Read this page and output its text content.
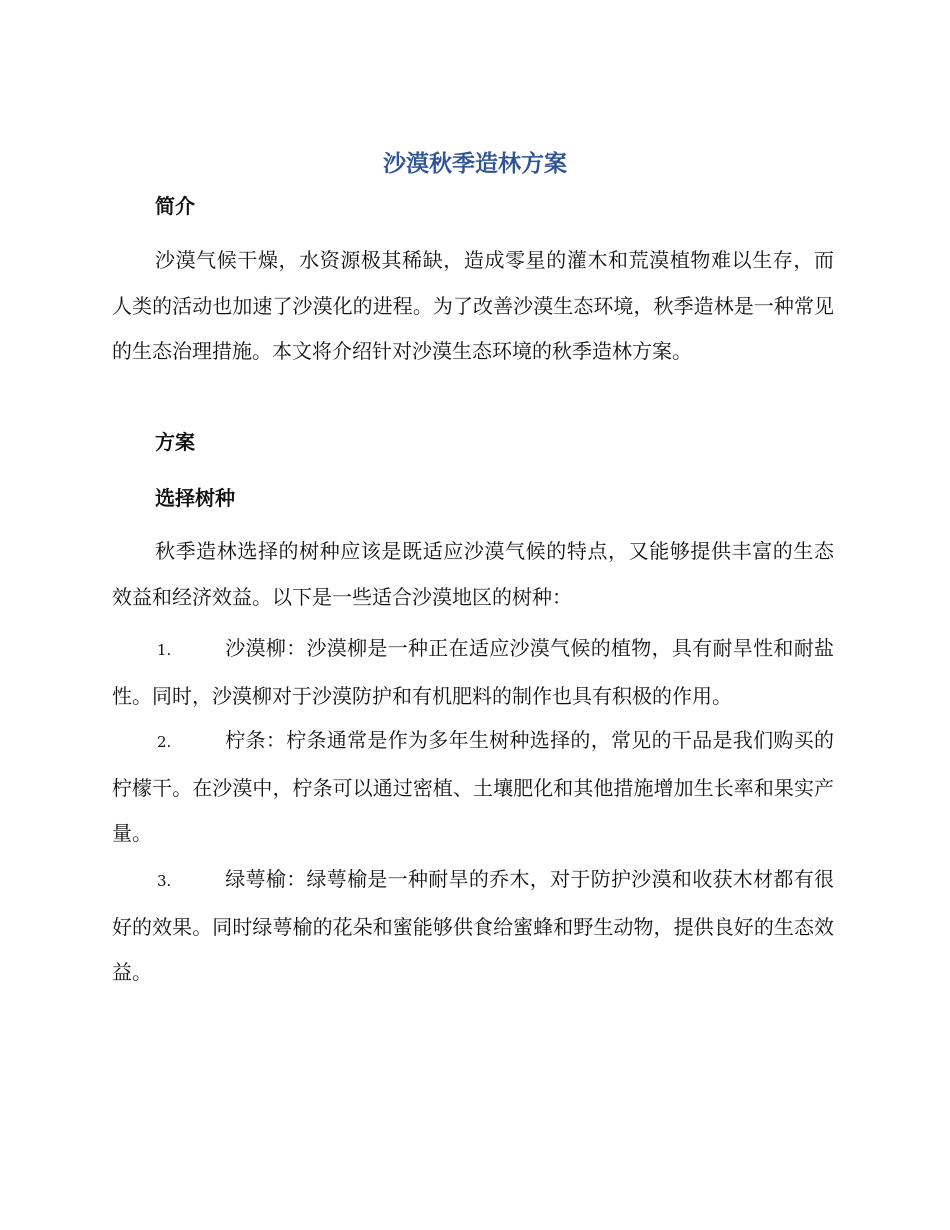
沙漠秋季造林方案
简介

沙漠气候干燥，水资源极其稀缺，造成零星的灌木和荒漠植物难以生存，而人类的活动也加速了沙漠化的进程。为了改善沙漠生态环境，秋季造林是一种常见的生态治理措施。本文将介绍针对沙漠生态环境的秋季造林方案。

方案
选择树种

秋季造林选择的树种应该是既适应沙漠气候的特点，又能够提供丰富的生态效益和经济效益。以下是一些适合沙漠地区的树种：

1.	沙漠柳：沙漠柳是一种正在适应沙漠气候的植物，具有耐旱性和耐盐性。同时，沙漠柳对于沙漠防护和有机肥料的制作也具有积极的作用。

2.	柠条：柠条通常是作为多年生树种选择的，常见的干品是我们购买的柠檬干。在沙漠中，柠条可以通过密植、土壤肥化和其他措施增加生长率和果实产量。

3.	绿萼榆：绿萼榆是一种耐旱的乔木，对于防护沙漠和收获木材都有很好的效果。同时绿萼榆的花朵和蜜能够供食给蜜蜂和野生动物，提供良好的生态效益。
